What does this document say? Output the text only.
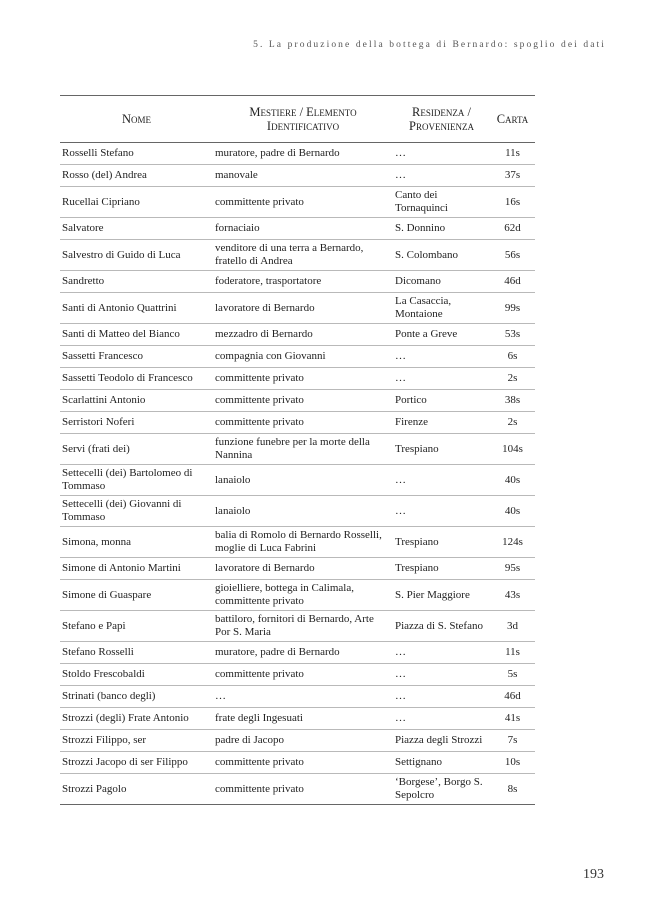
5. La produzione della bottega di Bernardo: spoglio dei dati
Nome	Mestiere / Elemento Identificativo	Residenza / Provenienza	Carta
Rosselli Stefano	muratore, padre di Bernardo	…	11s
Rosso (del) Andrea	manovale	…	37s
Rucellai Cipriano	committente privato	Canto dei Tornaquinci	16s
Salvatore	fornaciaio	S. Donnino	62d
Salvestro di Guido di Luca	venditore di una terra a Bernardo, fratello di Andrea	S. Colombano	56s
Sandretto	foderatore, trasportatore	Dicomano	46d
Santi di Antonio Quattrini	lavoratore di Bernardo	La Casaccia, Montaione	99s
Santi di Matteo del Bianco	mezzadro di Bernardo	Ponte a Greve	53s
Sassetti Francesco	compagnia con Giovanni	…	6s
Sassetti Teodolo di Francesco	committente privato	…	2s
Scarlattini Antonio	committente privato	Portico	38s
Serristori Noferi	committente privato	Firenze	2s
Servi (frati dei)	funzione funebre per la morte della Nannina	Trespiano	104s
Settecelli (dei) Bartolomeo di Tommaso	lanaiolo	…	40s
Settecelli (dei) Giovanni di Tommaso	lanaiolo	…	40s
Simona, monna	balia di Romolo di Bernardo Rosselli, moglie di Luca Fabrini	Trespiano	124s
Simone di Antonio Martini	lavoratore di Bernardo	Trespiano	95s
Simone di Guaspare	gioielliere, bottega in Calimala, committente privato	S. Pier Maggiore	43s
Stefano e Papi	battiloro, fornitori di Bernardo, Arte Por S. Maria	Piazza di S. Stefano	3d
Stefano Rosselli	muratore, padre di Bernardo	…	11s
Stoldo Frescobaldi	committente privato	…	5s
Strinati (banco degli)	…	…	46d
Strozzi (degli) Frate Antonio	frate degli Ingesuati	…	41s
Strozzi Filippo, ser	padre di Jacopo	Piazza degli Strozzi	7s
Strozzi Jacopo di ser Filippo	committente privato	Settignano	10s
Strozzi Pagolo	committente privato	‘Borgese’, Borgo S. Sepolcro	8s
193
